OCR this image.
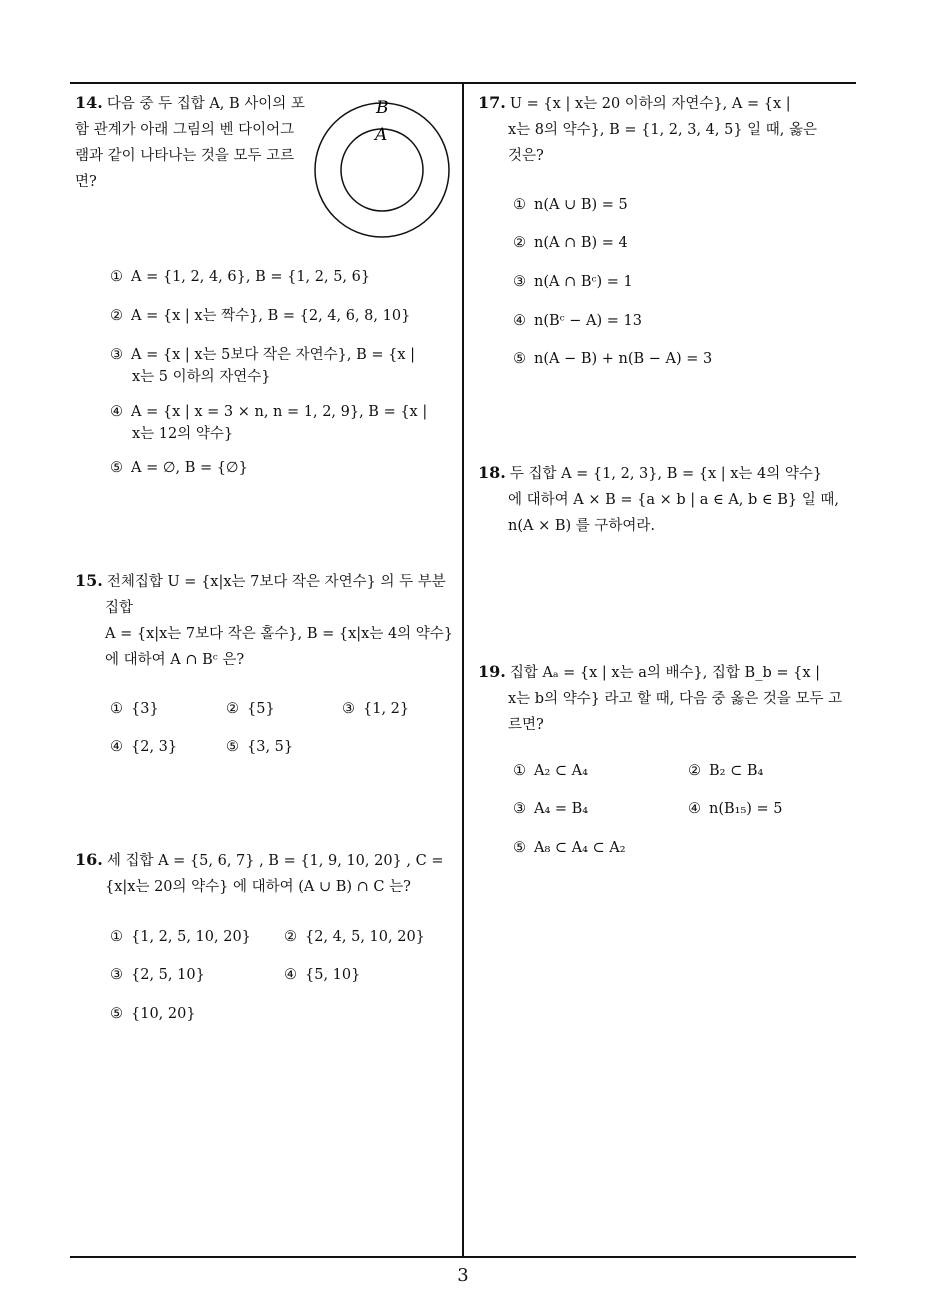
14. 다음 중 두 집합 A, B 사이의 포함 관계가 아래 그림의 벤 다이어그램과 같이 나타나는 것을 모두 고르면?
B
A
① A = {1, 2, 4, 6}, B = {1, 2, 5, 6}
② A = {x | x는 짝수}, B = {2, 4, 6, 8, 10}
③ A = {x | x는 5보다 작은 자연수}, B = {x |
x는 5 이하의 자연수}
④ A = {x | x = 3 × n, n = 1, 2, 9}, B = {x |
x는 12의 약수}
⑤ A = ∅, B = {∅}
15. 전체집합 U = {x|x는 7보다 작은 자연수} 의 두 부분
집합
A = {x|x는 7보다 작은 홀수}, B = {x|x는 4의 약수}
에 대하여 A ∩ Bᶜ 은?
① {3}	② {5}	③ {1, 2}
④ {2, 3}	⑤ {3, 5}
16. 세 집합 A = {5, 6, 7} , B = {1, 9, 10, 20} , C =
{x|x는 20의 약수} 에 대하여 (A ∪ B) ∩ C 는?
① {1, 2, 5, 10, 20} ② {2, 4, 5, 10, 20}
③ {2, 5, 10}	④ {5, 10}
⑤ {10, 20}
17. U = {x | x는 20 이하의 자연수}, A = {x |
x는 8의 약수}, B = {1, 2, 3, 4, 5} 일 때, 옳은
것은?
① n(A ∪ B) = 5
② n(A ∩ B) = 4
③ n(A ∩ Bᶜ) = 1
④ n(Bᶜ − A) = 13
⑤ n(A − B) + n(B − A) = 3
18. 두 집합 A = {1, 2, 3}, B = {x | x는 4의 약수}
에 대하여 A × B = {a × b | a ∈ A, b ∈ B} 일 때,
n(A × B) 를 구하여라.
19. 집합 Aₐ = {x | x는 a의 배수}, 집합 B_b = {x |
x는 b의 약수} 라고 할 때, 다음 중 옳은 것을 모두 고
르면?
① A₂ ⊂ A₄	② B₂ ⊂ B₄
③ A₄ = B₄	④ n(B₁₅) = 5
⑤ A₈ ⊂ A₄ ⊂ A₂
3
